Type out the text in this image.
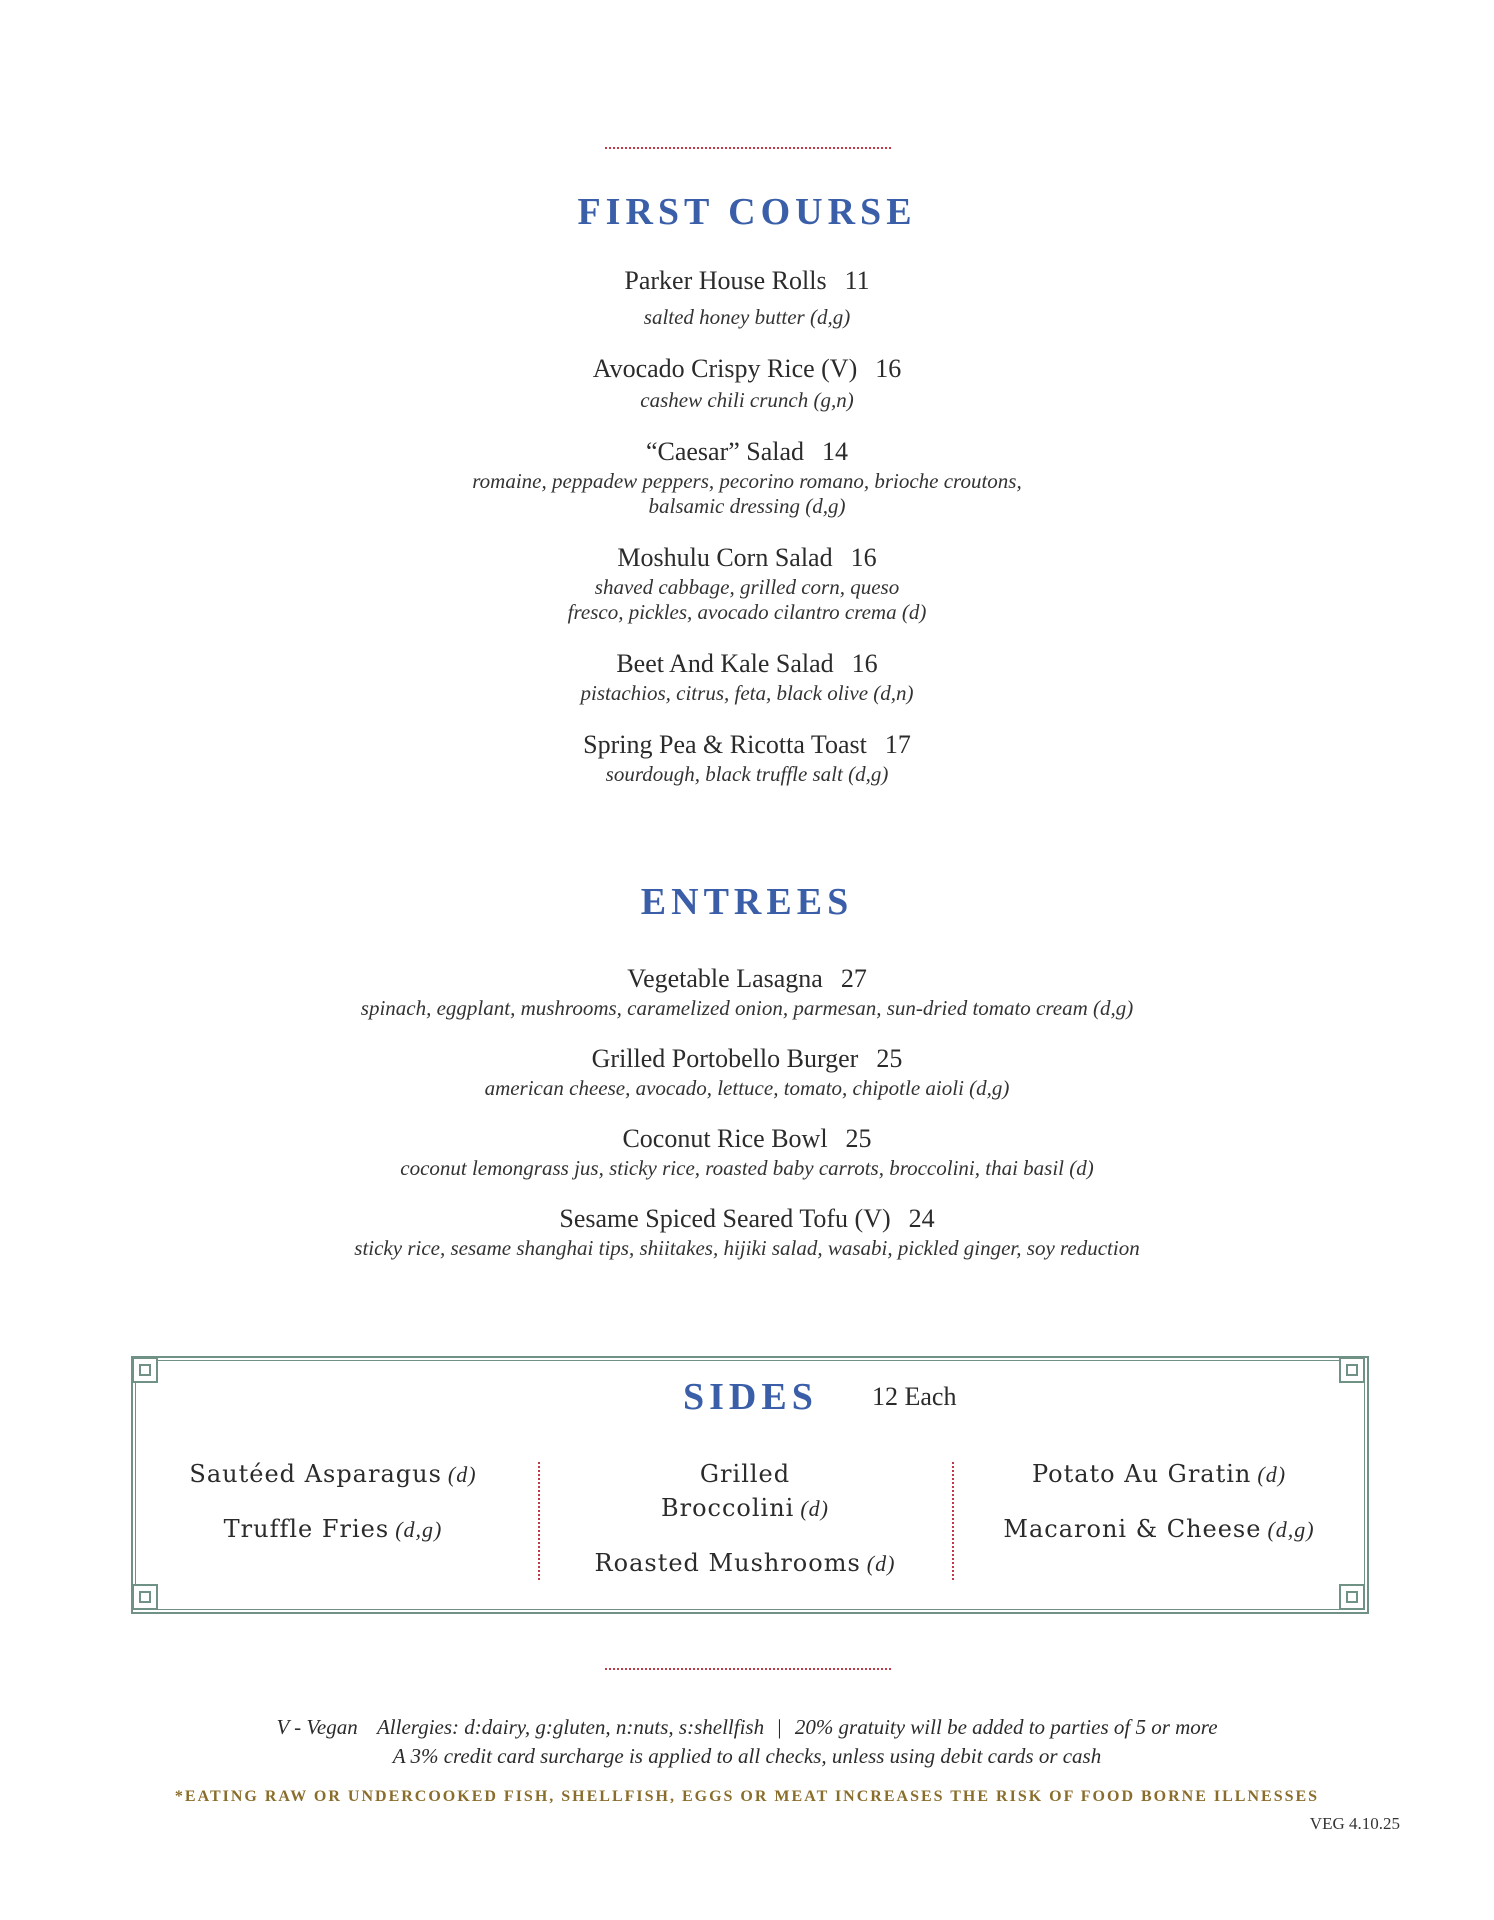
FIRST COURSE
Parker House Rolls 11
salted honey butter (d,g)
Avocado Crispy Rice (V) 16
cashew chili crunch (g,n)
“Caesar” Salad 14
romaine, peppadew peppers, pecorino romano, brioche croutons,
balsamic dressing (d,g)
Moshulu Corn Salad 16
shaved cabbage, grilled corn, queso
fresco, pickles, avocado cilantro crema (d)
Beet And Kale Salad 16
pistachios, citrus, feta, black olive (d,n)
Spring Pea & Ricotta Toast 17
sourdough, black truffle salt (d,g)
ENTREES
Vegetable Lasagna 27
spinach, eggplant, mushrooms, caramelized onion, parmesan, sun-dried tomato cream (d,g)
Grilled Portobello Burger 25
american cheese, avocado, lettuce, tomato, chipotle aioli (d,g)
Coconut Rice Bowl 25
coconut lemongrass jus, sticky rice, roasted baby carrots, broccolini, thai basil (d)
Sesame Spiced Seared Tofu (V) 24
sticky rice, sesame shanghai tips, shiitakes, hijiki salad, wasabi, pickled ginger, soy reduction
SIDES 12 Each
Sautéed Asparagus (d)
Truffle Fries (d,g)
Grilled
Broccolini (d)
Roasted Mushrooms (d)
Potato Au Gratin (d)
Macaroni & Cheese (d,g)
V - Vegan Allergies: d:dairy, g:gluten, n:nuts, s:shellfish | 20% gratuity will be added to parties of 5 or more
A 3% credit card surcharge is applied to all checks, unless using debit cards or cash
*EATING RAW OR UNDERCOOKED FISH, SHELLFISH, EGGS OR MEAT INCREASES THE RISK OF FOOD BORNE ILLNESSES
VEG 4.10.25
